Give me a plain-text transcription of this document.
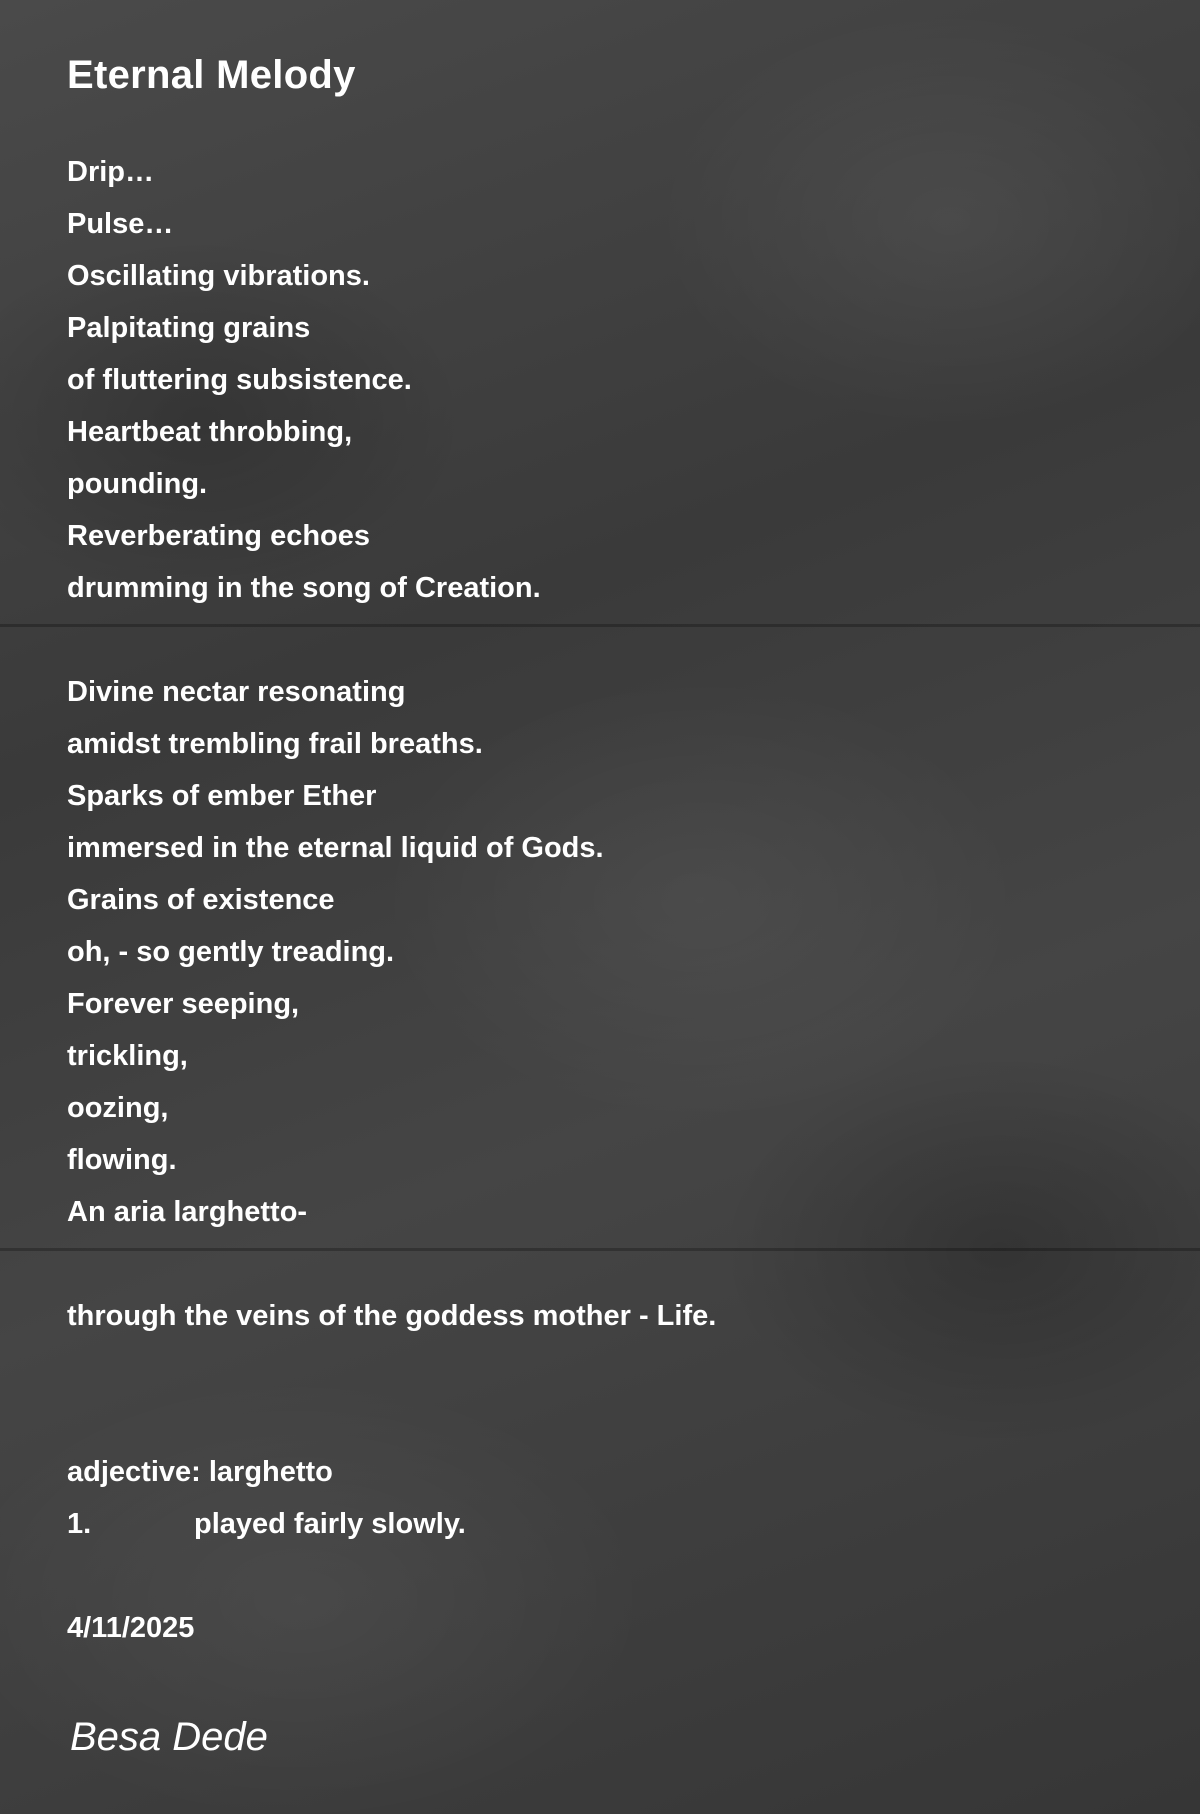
Eternal Melody
Drip…
Pulse…
Oscillating vibrations.
Palpitating grains
of fluttering subsistence.
Heartbeat throbbing,
pounding.
Reverberating echoes
drumming in the song of Creation.
Divine nectar resonating
amidst trembling frail breaths.
Sparks of ember Ether
immersed in the eternal liquid of Gods.
Grains of existence
oh, - so gently treading.
Forever seeping,
trickling,
oozing,
flowing.
An aria larghetto-
through the veins of the goddess mother - Life.
adjective: larghetto
1.	played fairly slowly.
4/11/2025
Besa Dede
